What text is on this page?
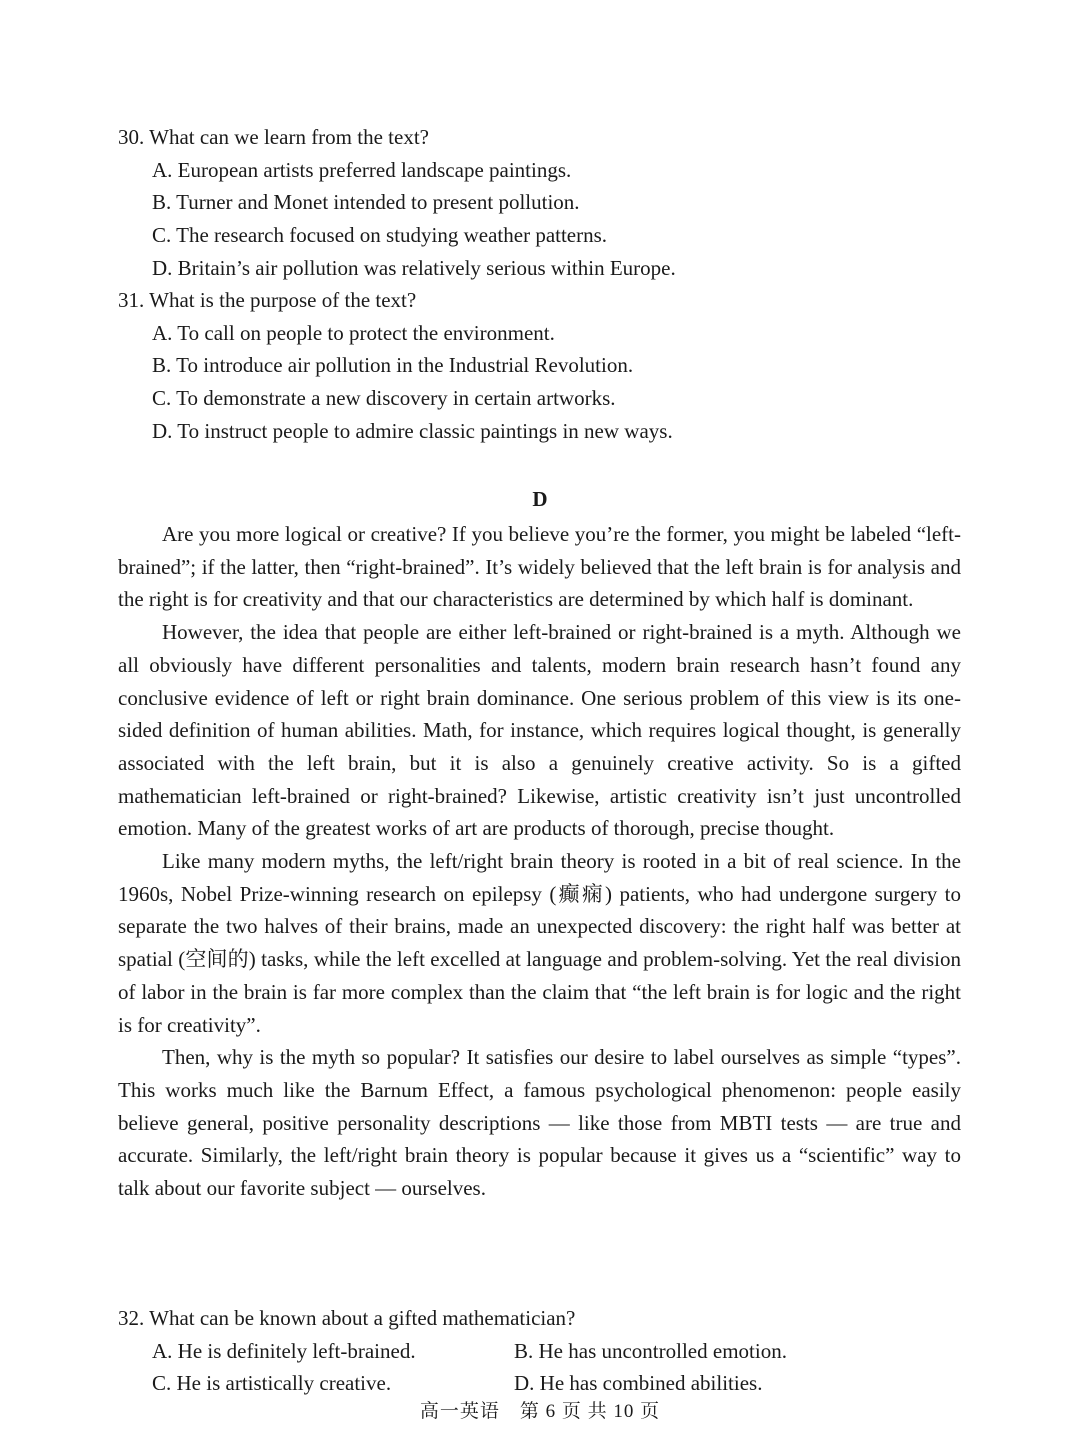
30. What can we learn from the text?

A. European artists preferred landscape paintings.

B. Turner and Monet intended to present pollution.

C. The research focused on studying weather patterns.

D. Britain’s air pollution was relatively serious within Europe.

31. What is the purpose of the text?

A. To call on people to protect the environment.

B. To introduce air pollution in the Industrial Revolution.

C. To demonstrate a new discovery in certain artworks.

D. To instruct people to admire classic paintings in new ways.

D

Are you more logical or creative? If you believe you’re the former, you might be labeled “left-brained”; if the latter, then “right-brained”. It’s widely believed that the left brain is for analysis and the right is for creativity and that our characteristics are determined by which half is dominant.

However, the idea that people are either left-brained or right-brained is a myth. Although we all obviously have different personalities and talents, modern brain research hasn’t found any conclusive evidence of left or right brain dominance. One serious problem of this view is its one-sided definition of human abilities. Math, for instance, which requires logical thought, is generally associated with the left brain, but it is also a genuinely creative activity. So is a gifted mathematician left-brained or right-brained? Likewise, artistic creativity isn’t just uncontrolled emotion. Many of the greatest works of art are products of thorough, precise thought.

Like many modern myths, the left/right brain theory is rooted in a bit of real science. In the 1960s, Nobel Prize-winning research on epilepsy (癫痫) patients, who had undergone surgery to separate the two halves of their brains, made an unexpected discovery: the right half was better at spatial (空间的) tasks, while the left excelled at language and problem-solving. Yet the real division of labor in the brain is far more complex than the claim that “the left brain is for logic and the right is for creativity”.

Then, why is the myth so popular? It satisfies our desire to label ourselves as simple “types”. This works much like the Barnum Effect, a famous psychological phenomenon: people easily believe general, positive personality descriptions — like those from MBTI tests — are true and accurate. Similarly, the left/right brain theory is popular because it gives us a “scientific” way to talk about our favorite subject — ourselves.

32. What can be known about a gifted mathematician?

A. He is definitely left-brained.	B. He has uncontrolled emotion.
C. He is artistically creative.	D. He has combined abilities.
高一英语　第 6 页 共 10 页
